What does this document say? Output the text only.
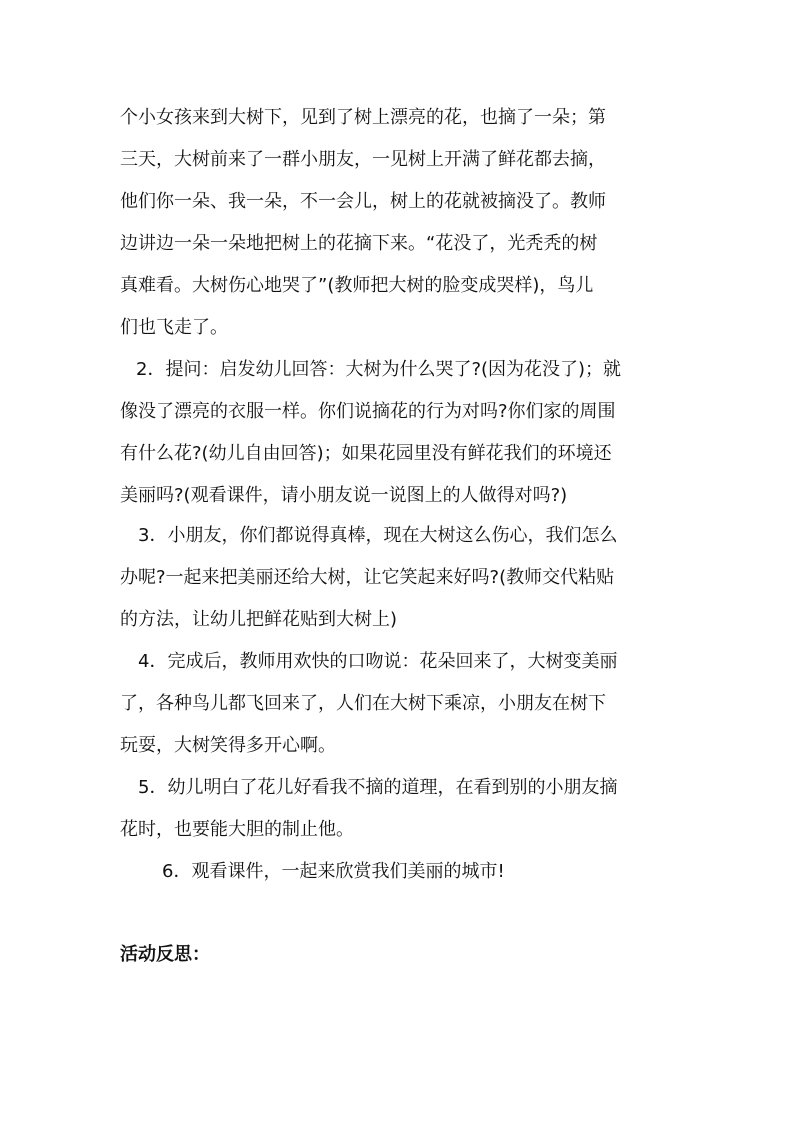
个小女孩来到大树下，见到了树上漂亮的花，也摘了一朵；第
三天，大树前来了一群小朋友，一见树上开满了鲜花都去摘，
他们你一朵、我一朵，不一会儿，树上的花就被摘没了。教师
边讲边一朵一朵地把树上的花摘下来。“花没了，光秃秃的树
真难看。大树伤心地哭了”(教师把大树的脸变成哭样)，鸟儿
们也飞走了。
2．提问：启发幼儿回答：大树为什么哭了?(因为花没了)；就
像没了漂亮的衣服一样。你们说摘花的行为对吗?你们家的周围
有什么花?(幼儿自由回答)；如果花园里没有鲜花我们的环境还
美丽吗?(观看课件，请小朋友说一说图上的人做得对吗?)
3．小朋友，你们都说得真棒，现在大树这么伤心，我们怎么
办呢?一起来把美丽还给大树，让它笑起来好吗?(教师交代粘贴
的方法，让幼儿把鲜花贴到大树上)
4．完成后，教师用欢快的口吻说：花朵回来了，大树变美丽
了，各种鸟儿都飞回来了，人们在大树下乘凉，小朋友在树下
玩耍，大树笑得多开心啊。
5．幼儿明白了花儿好看我不摘的道理，在看到别的小朋友摘
花时，也要能大胆的制止他。
6．观看课件，一起来欣赏我们美丽的城市!
活动反思：
